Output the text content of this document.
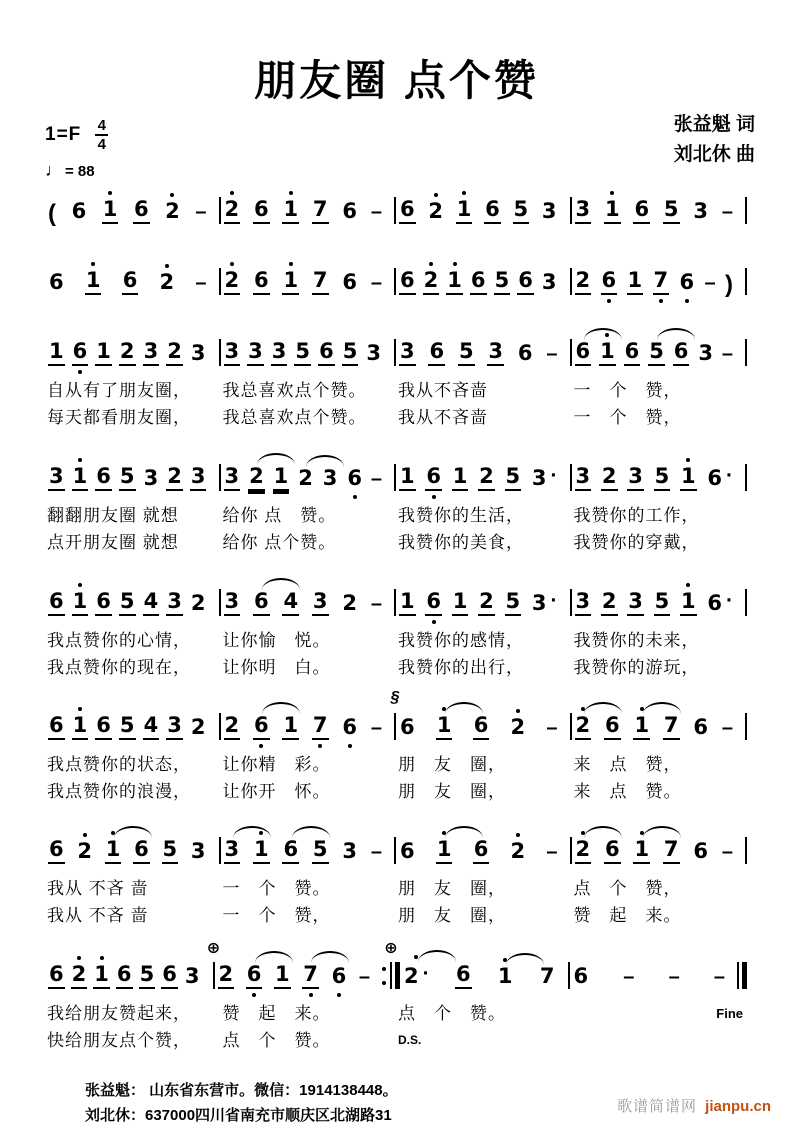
朋友圈 点个赞
1=F 4
4
♩ = 88
张益魁 词
刘北休 曲
( 6 1 6 2 – 2 6 1 7 6 – 6 2 1 6 5 3 3 1 6 5 3 –
6 1 6 2 – 2 6 1 7 6 – 6 2 1 6 5 6 3 2 6 1 7 6 – )
1 6 1 2 3 2 3 3 3 3 5 6 5 3 3 6 5 3 6 – 6 1 6 5 6 3 –
自从有了朋友圈， 我总喜欢点个赞。 我从不吝啬	一　个　赞，
每天都看朋友圈， 我总喜欢点个赞。 我从不吝啬	一　个　赞，
3 1 6 5 3 2 3 3 2 1 2 3 6 – 1 6 1 2 5 3 · 3 2 3 5 1 6 ·
翻翻朋友圈 就想	给你 点　赞。	我赞你的生活，	我赞你的工作，
点开朋友圈 就想	给你 点个赞。	我赞你的美食，	我赞你的穿戴，
6 1 6 5 4 3 2 3 6 4 3 2 – 1 6 1 2 5 3 · 3 2 3 5 1 6 ·
我点赞你的心情， 让你愉　悦。	我赞你的感情，	我赞你的未来，
我点赞你的现在， 让你明　白。	我赞你的出行，	我赞你的游玩，
6 1 6 5 4 3 2 2 6 1 7 6 –
§
6 1 6 2 – 2 6 1 7 6 –
我点赞你的状态， 让你精　彩。	朋　友　圈，	来　点　赞，
我点赞你的浪漫， 让你开　怀。	朋　友　圈，	来　点　赞。
6 2 1 6 5 3 3 1 6 5 3 – 6 1 6 2 – 2 6 1 7 6 –
我从 不吝 啬	一　个　赞。	朋　友　圈，	点　个　赞，
我从 不吝 啬	一　个　赞，	朋　友　圈，	赞　起　来。
6 2 1 6 5 6 3
⊕
2 6 1 7 6 –
⊕
2 · 6 1 7 6 – – –
我给朋友赞起来， 赞　起　来。	点　个　赞。	Fine
快给朋友点个赞， 点　个　赞。	D.S.
张益魁： 山东省东营市。微信：1914138448。
刘北休：637000四川省南充市顺庆区北湖路31
歌谱简谱网 jianpu.cn
